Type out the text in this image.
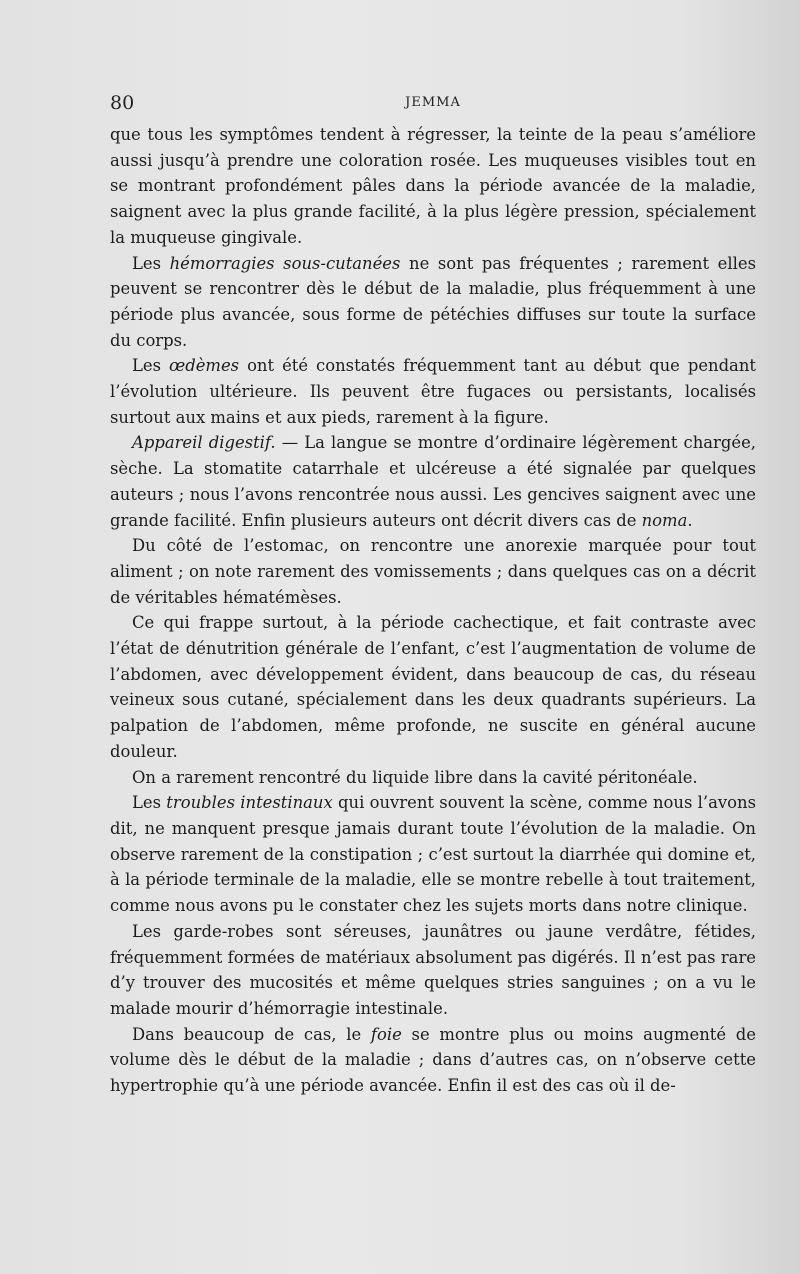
80	JEMMA

que tous les symptômes tendent à régresser, la teinte de la peau s’améliore aussi jusqu’à prendre une coloration rosée. Les muqueuses visibles tout en se montrant profondément pâles dans la période avancée de la maladie, saignent avec la plus grande facilité, à la plus légère pression, spécialement la muqueuse gingivale.

Les hémorragies sous-cutanées ne sont pas fréquentes ; rarement elles peuvent se rencontrer dès le début de la maladie, plus fréquemment à une période plus avancée, sous forme de pétéchies diffuses sur toute la surface du corps.

Les œdèmes ont été constatés fréquemment tant au début que pendant l’évolution ultérieure. Ils peuvent être fugaces ou persistants, localisés surtout aux mains et aux pieds, rarement à la figure.

Appareil digestif. — La langue se montre d’ordinaire légèrement chargée, sèche. La stomatite catarrhale et ulcéreuse a été signalée par quelques auteurs ; nous l’avons rencontrée nous aussi. Les gencives saignent avec une grande facilité. Enfin plusieurs auteurs ont décrit divers cas de noma.

Du côté de l’estomac, on rencontre une anorexie marquée pour tout aliment ; on note rarement des vomissements ; dans quelques cas on a décrit de véritables hématémèses.

Ce qui frappe surtout, à la période cachectique, et fait contraste avec l’état de dénutrition générale de l’enfant, c’est l’augmentation de volume de l’abdomen, avec développement évident, dans beaucoup de cas, du réseau veineux sous cutané, spécialement dans les deux quadrants supérieurs. La palpation de l’abdomen, même profonde, ne suscite en général aucune douleur.

On a rarement rencontré du liquide libre dans la cavité péritonéale.

Les troubles intestinaux qui ouvrent souvent la scène, comme nous l’avons dit, ne manquent presque jamais durant toute l’évolution de la maladie. On observe rarement de la constipation ; c’est surtout la diarrhée qui domine et, à la période terminale de la maladie, elle se montre rebelle à tout traitement, comme nous avons pu le constater chez les sujets morts dans notre clinique.

Les garde-robes sont séreuses, jaunâtres ou jaune verdâtre, fétides, fréquemment formées de matériaux absolument pas digérés. Il n’est pas rare d’y trouver des mucosités et même quelques stries sanguines ; on a vu le malade mourir d’hémorragie intestinale.

Dans beaucoup de cas, le foie se montre plus ou moins augmenté de volume dès le début de la maladie ; dans d’autres cas, on n’observe cette hypertrophie qu’à une période avancée. Enfin il est des cas où il de-
